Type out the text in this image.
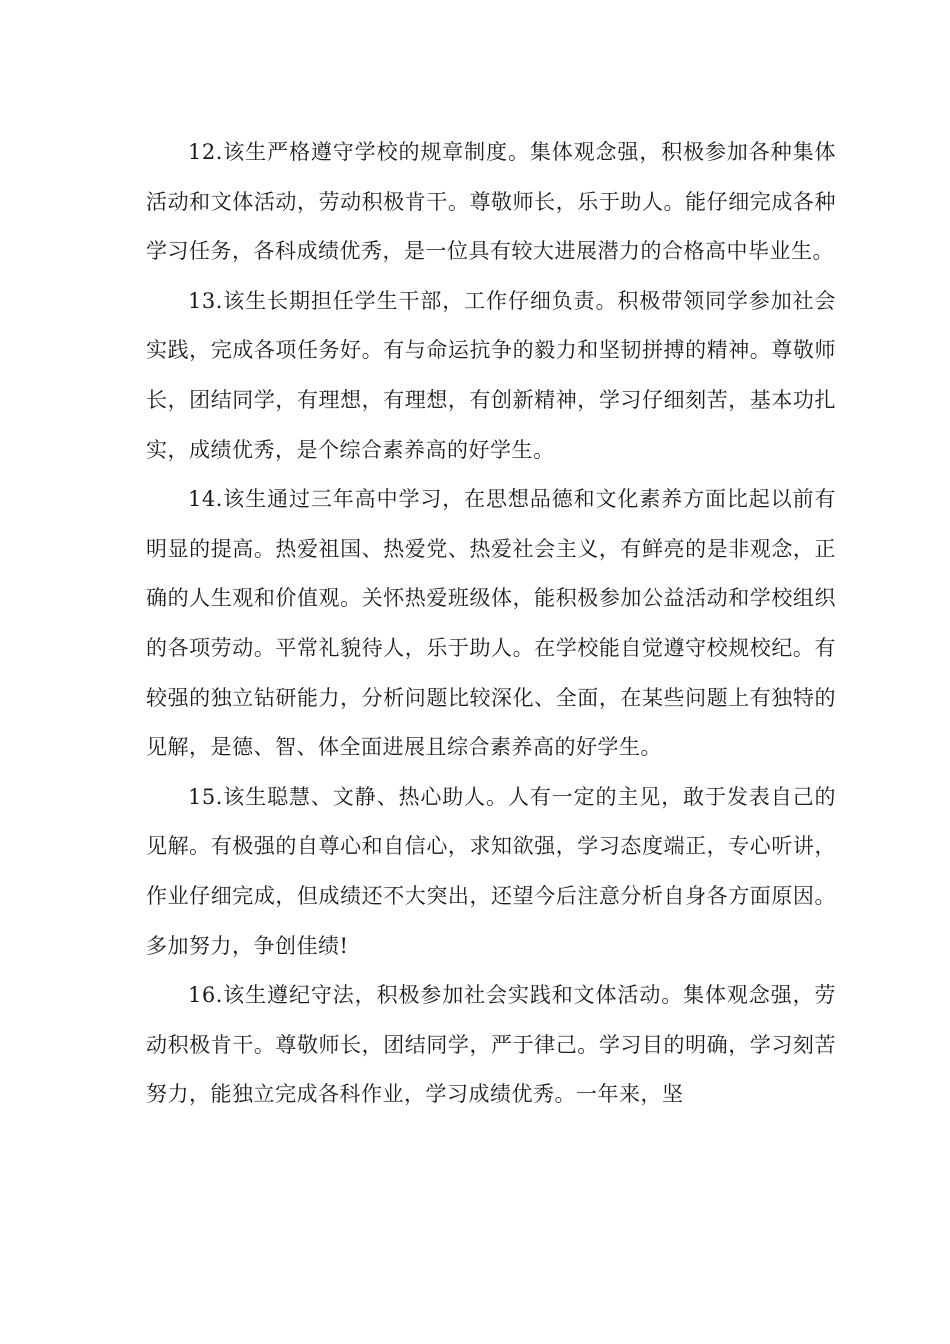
12.该生严格遵守学校的规章制度。集体观念强，积极参加各种集体活动和文体活动，劳动积极肯干。尊敬师长，乐于助人。能仔细完成各种学习任务，各科成绩优秀，是一位具有较大进展潜力的合格高中毕业生。

13.该生长期担任学生干部，工作仔细负责。积极带领同学参加社会实践，完成各项任务好。有与命运抗争的毅力和坚韧拼搏的精神。尊敬师长，团结同学，有理想，有理想，有创新精神，学习仔细刻苦，基本功扎实，成绩优秀，是个综合素养高的好学生。

14.该生通过三年高中学习，在思想品德和文化素养方面比起以前有明显的提高。热爱祖国、热爱党、热爱社会主义，有鲜亮的是非观念，正确的人生观和价值观。关怀热爱班级体，能积极参加公益活动和学校组织的各项劳动。平常礼貌待人，乐于助人。在学校能自觉遵守校规校纪。有较强的独立钻研能力，分析问题比较深化、全面，在某些问题上有独特的见解，是德、智、体全面进展且综合素养高的好学生。

15.该生聪慧、文静、热心助人。人有一定的主见，敢于发表自己的见解。有极强的自尊心和自信心，求知欲强，学习态度端正，专心听讲，作业仔细完成，但成绩还不大突出，还望今后注意分析自身各方面原因。多加努力，争创佳绩!

16.该生遵纪守法，积极参加社会实践和文体活动。集体观念强，劳动积极肯干。尊敬师长，团结同学，严于律己。学习目的明确，学习刻苦努力，能独立完成各科作业，学习成绩优秀。一年来，坚
